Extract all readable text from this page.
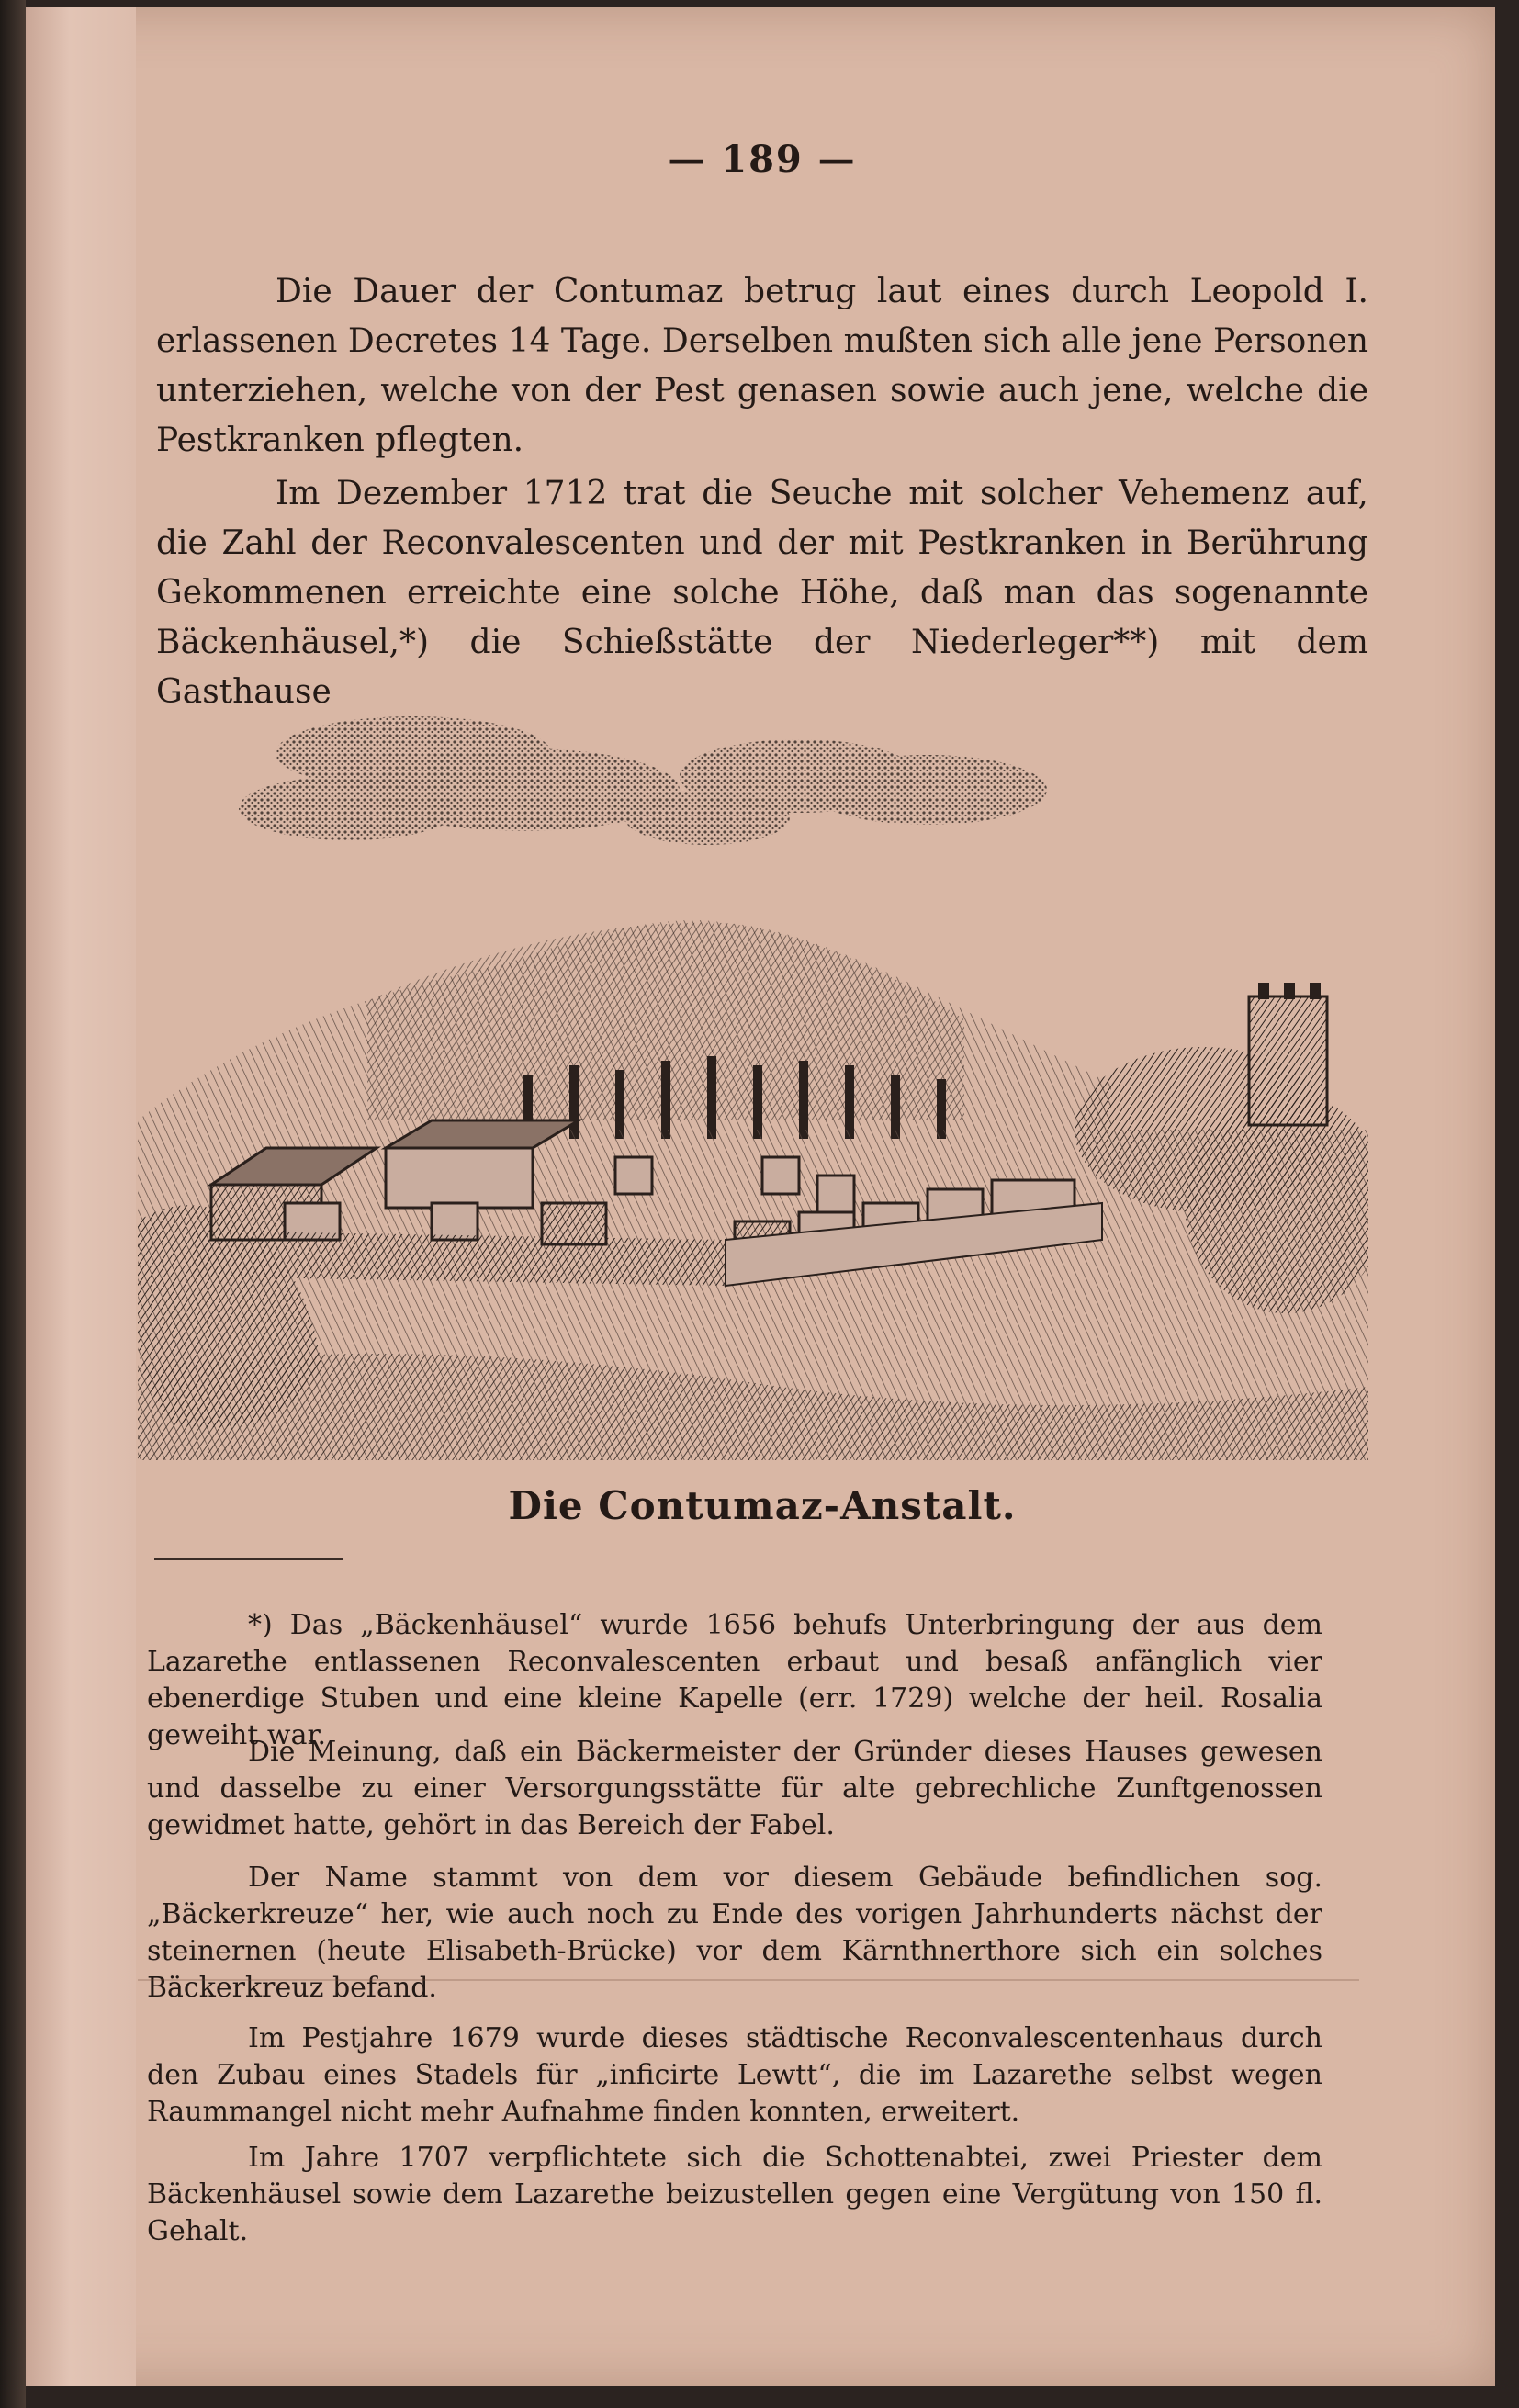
— 189 —

Die Dauer der Contumaz betrug laut eines durch Leopold I. erlassenen Decretes 14 Tage. Derselben mußten sich alle jene Personen unterziehen, welche von der Pest genasen sowie auch jene, welche die Pestkranken pflegten.

Im Dezember 1712 trat die Seuche mit solcher Vehemenz auf, die Zahl der Reconvalescenten und der mit Pestkranken in Berührung Gekommenen erreichte eine solche Höhe, daß man das sogenannte Bäckenhäusel,*) die Schießstätte der Niederleger**) mit dem Gasthause

Die Contumaz-Anstalt.

*) Das „Bäckenhäusel“ wurde 1656 behufs Unterbringung der aus dem Lazarethe entlassenen Reconvalescenten erbaut und besaß anfänglich vier ebenerdige Stuben und eine kleine Kapelle (err. 1729) welche der heil. Rosalia geweiht war.

Die Meinung, daß ein Bäckermeister der Gründer dieses Hauses gewesen und dasselbe zu einer Versorgungsstätte für alte gebrechliche Zunftgenossen gewidmet hatte, gehört in das Bereich der Fabel.

Der Name stammt von dem vor diesem Gebäude befindlichen sog. „Bäckerkreuze“ her, wie auch noch zu Ende des vorigen Jahrhunderts nächst der steinernen (heute Elisabeth-Brücke) vor dem Kärnthnerthore sich ein solches Bäckerkreuz befand.

Im Pestjahre 1679 wurde dieses städtische Reconvalescentenhaus durch den Zubau eines Stadels für „inficirte Lewtt“, die im Lazarethe selbst wegen Raummangel nicht mehr Aufnahme finden konnten, erweitert.

Im Jahre 1707 verpflichtete sich die Schottenabtei, zwei Priester dem Bäckenhäusel sowie dem Lazarethe beizustellen gegen eine Vergütung von 150 fl. Gehalt.
